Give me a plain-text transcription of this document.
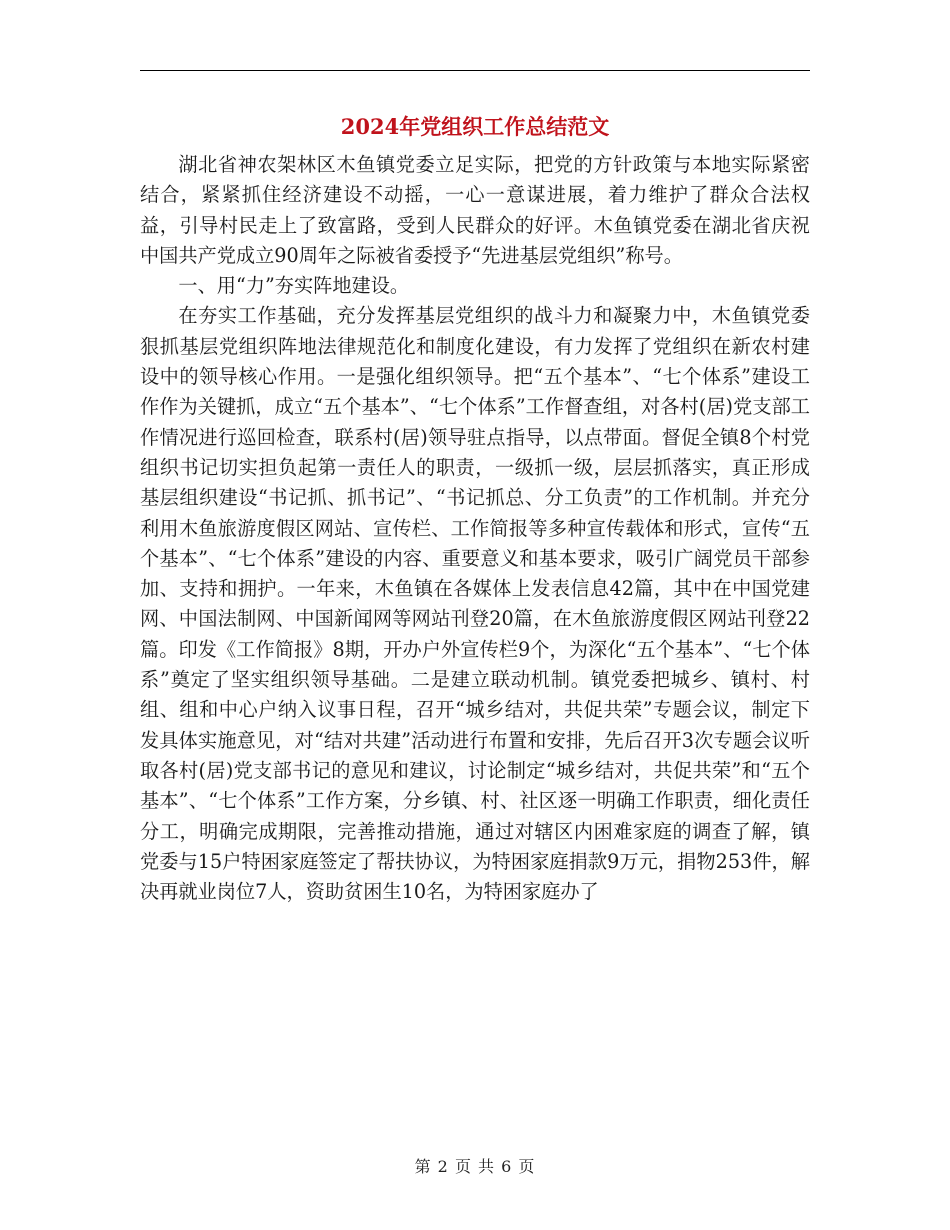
2024年党组织工作总结范文

湖北省神农架林区木鱼镇党委立足实际，把党的方针政策与本地实际紧密结合，紧紧抓住经济建设不动摇，一心一意谋进展，着力维护了群众合法权益，引导村民走上了致富路，受到人民群众的好评。木鱼镇党委在湖北省庆祝中国共产党成立90周年之际被省委授予“先进基层党组织”称号。

一、用“力”夯实阵地建设。

在夯实工作基础，充分发挥基层党组织的战斗力和凝聚力中，木鱼镇党委狠抓基层党组织阵地法律规范化和制度化建设，有力发挥了党组织在新农村建设中的领导核心作用。一是强化组织领导。把“五个基本”、“七个体系”建设工作作为关键抓，成立“五个基本”、“七个体系”工作督查组，对各村(居)党支部工作情况进行巡回检查，联系村(居)领导驻点指导，以点带面。督促全镇8个村党组织书记切实担负起第一责任人的职责，一级抓一级，层层抓落实，真正形成基层组织建设“书记抓、抓书记”、“书记抓总、分工负责”的工作机制。并充分利用木鱼旅游度假区网站、宣传栏、工作简报等多种宣传载体和形式，宣传“五个基本”、“七个体系”建设的内容、重要意义和基本要求，吸引广阔党员干部参加、支持和拥护。一年来，木鱼镇在各媒体上发表信息42篇，其中在中国党建网、中国法制网、中国新闻网等网站刊登20篇，在木鱼旅游度假区网站刊登22篇。印发《工作简报》8期，开办户外宣传栏9个，为深化“五个基本”、“七个体系”奠定了坚实组织领导基础。二是建立联动机制。镇党委把城乡、镇村、村组、组和中心户纳入议事日程，召开“城乡结对，共促共荣”专题会议，制定下发具体实施意见，对“结对共建”活动进行布置和安排，先后召开3次专题会议听取各村(居)党支部书记的意见和建议，讨论制定“城乡结对，共促共荣”和“五个基本”、“七个体系”工作方案，分乡镇、村、社区逐一明确工作职责，细化责任分工，明确完成期限，完善推动措施，通过对辖区内困难家庭的调查了解，镇党委与15户特困家庭签定了帮扶协议，为特困家庭捐款9万元，捐物253件，解决再就业岗位7人，资助贫困生10名，为特困家庭办了

第 2 页 共 6 页
